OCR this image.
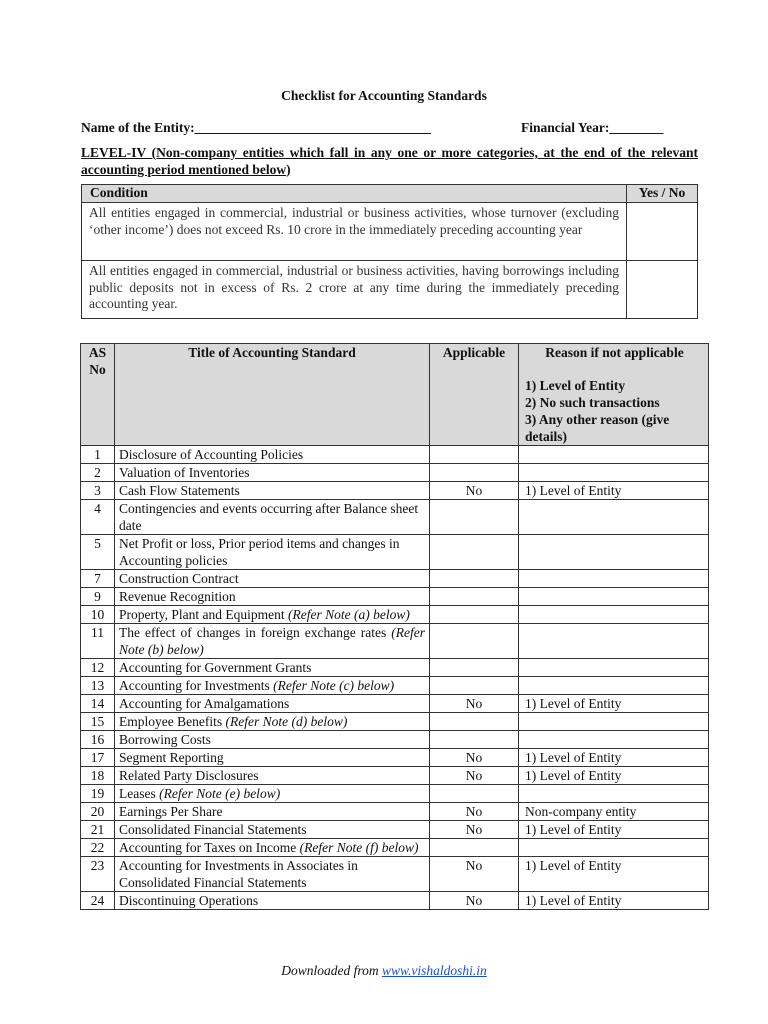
Checklist for Accounting Standards
Name of the Entity:___________________________________	Financial Year:________
LEVEL-IV (Non-company entities which fall in any one or more categories, at the end of the relevant accounting period mentioned below)
Condition	Yes / No
All entities engaged in commercial, industrial or business activities, whose turnover (excluding ‘other income’) does not exceed Rs. 10 crore in the immediately preceding accounting year	
All entities engaged in commercial, industrial or business activities, having borrowings including public deposits not in excess of Rs. 2 crore at any time during the immediately preceding accounting year.	
AS No	Title of Accounting Standard	Applicable	Reason if not applicable
1) Level of Entity
2) No such transactions
3) Any other reason (give details)

1	Disclosure of Accounting Policies		
2	Valuation of Inventories		
3	Cash Flow Statements	No	1) Level of Entity
4	Contingencies and events occurring after Balance sheet date		
5	Net Profit or loss, Prior period items and changes in Accounting policies		
7	Construction Contract		
9	Revenue Recognition		
10	Property, Plant and Equipment (Refer Note (a) below)		
11	The effect of changes in foreign exchange rates (Refer Note (b) below)		
12	Accounting for Government Grants		
13	Accounting for Investments (Refer Note (c) below)		
14	Accounting for Amalgamations	No	1) Level of Entity
15	Employee Benefits (Refer Note (d) below)		
16	Borrowing Costs		
17	Segment Reporting	No	1) Level of Entity
18	Related Party Disclosures	No	1) Level of Entity
19	Leases (Refer Note (e) below)		
20	Earnings Per Share	No	Non-company entity
21	Consolidated Financial Statements	No	1) Level of Entity
22	Accounting for Taxes on Income (Refer Note (f) below)		
23	Accounting for Investments in Associates in Consolidated Financial Statements	No	1) Level of Entity
24	Discontinuing Operations	No	1) Level of Entity
Downloaded from www.vishaldoshi.in
